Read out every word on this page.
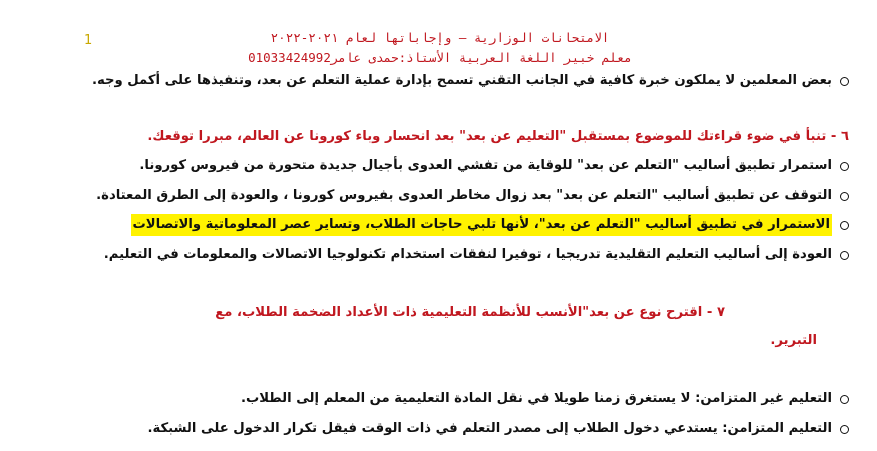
1	الامتحانات الوزارية – وإجاباتها لعام ٢٠٢١-٢٠٢٢
معلم خبير اللغة العربية الأستاذ:حمدى عامر01033424992
بعض المعلمين لا يملكون خبرة كافية في الجانب التقني تسمح بإدارة عملية التعلم عن بعد، وتنفيذها على أكمل وجه.
٦ - تنبأ في ضوء قراءتك للموضوع بمستقبل "التعليم عن بعد" بعد انحسار وباء كورونا عن العالم، مبررا توقعك.
استمرار تطبيق أساليب "التعلم عن بعد" للوقاية من تفشي العدوى بأجيال جديدة متحورة من فيروس كورونا.
التوقف عن تطبيق أساليب "التعلم عن بعد" بعد زوال مخاطر العدوى بفيروس كورونا ، والعودة إلى الطرق المعتادة.
الاستمرار في تطبيق أساليب "التعلم عن بعد"، لأنها تلبي حاجات الطلاب، وتساير عصر المعلوماتية والاتصالات
العودة إلى أساليب التعليم التقليدية تدريجيا ، توفيرا لنفقات استخدام تكنولوجيا الاتصالات والمعلومات في التعليم.
٧ - اقترح نوع عن بعد"الأنسب للأنظمة التعليمية ذات الأعداد الضخمة الطلاب، مع
التبرير.
التعليم غير المتزامن: لا يستغرق زمنا طويلا في نقل المادة التعليمية من المعلم إلى الطلاب.
التعليم المتزامن: يستدعي دخول الطلاب إلى مصدر التعلم في ذات الوقت فيقل تكرار الدخول على الشبكة.
